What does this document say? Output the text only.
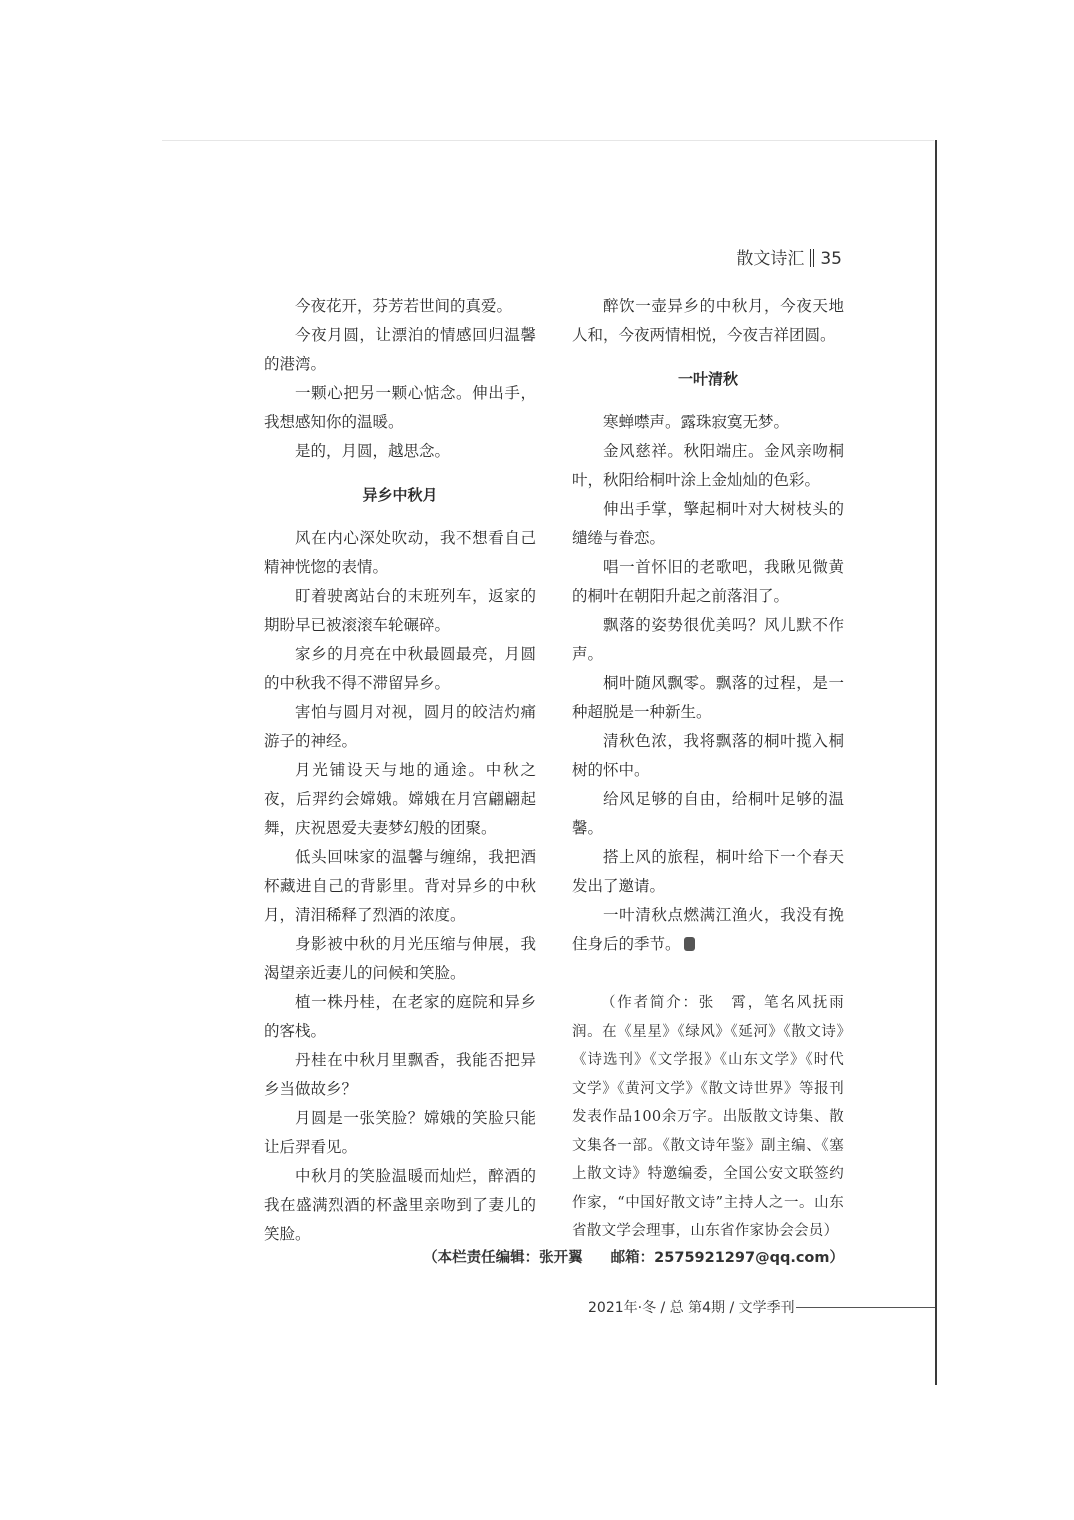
散文诗汇 35

今夜花开，芬芳若世间的真爱。

今夜月圆，让漂泊的情感回归温馨的港湾。

一颗心把另一颗心惦念。伸出手，我想感知你的温暖。

是的，月圆，越思念。

异乡中秋月

风在内心深处吹动，我不想看自己精神恍惚的表情。

盯着驶离站台的末班列车，返家的期盼早已被滚滚车轮碾碎。

家乡的月亮在中秋最圆最亮，月圆的中秋我不得不滞留异乡。

害怕与圆月对视，圆月的皎洁灼痛游子的神经。

月光铺设天与地的通途。中秋之夜，后羿约会嫦娥。嫦娥在月宫翩翩起舞，庆祝恩爱夫妻梦幻般的团聚。

低头回味家的温馨与缠绵，我把酒杯藏进自己的背影里。背对异乡的中秋月，清泪稀释了烈酒的浓度。

身影被中秋的月光压缩与伸展，我渴望亲近妻儿的问候和笑脸。

植一株丹桂，在老家的庭院和异乡的客栈。

丹桂在中秋月里飘香，我能否把异乡当做故乡？

月圆是一张笑脸？嫦娥的笑脸只能让后羿看见。

中秋月的笑脸温暖而灿烂，醉酒的我在盛满烈酒的杯盏里亲吻到了妻儿的笑脸。

醉饮一壶异乡的中秋月，今夜天地人和，今夜两情相悦，今夜吉祥团圆。

一叶清秋

寒蝉噤声。露珠寂寞无梦。

金风慈祥。秋阳端庄。金风亲吻桐叶，秋阳给桐叶涂上金灿灿的色彩。

伸出手掌，擎起桐叶对大树枝头的缱绻与眷恋。

唱一首怀旧的老歌吧，我瞅见微黄的桐叶在朝阳升起之前落泪了。

飘落的姿势很优美吗？风儿默不作声。

桐叶随风飘零。飘落的过程，是一种超脱是一种新生。

清秋色浓，我将飘落的桐叶揽入桐树的怀中。

给风足够的自由，给桐叶足够的温馨。

搭上风的旅程，桐叶给下一个春天发出了邀请。

一叶清秋点燃满江渔火，我没有挽住身后的季节。

（作者简介：张　霄，笔名风抚雨润。在《星星》《绿风》《延河》《散文诗》《诗选刊》《文学报》《山东文学》《时代文学》《黄河文学》《散文诗世界》等报刊发表作品100余万字。出版散文诗集、散文集各一部。《散文诗年鉴》副主编、《塞上散文诗》特邀编委，全国公安文联签约作家，“中国好散文诗”主持人之一。山东省散文学会理事，山东省作家协会会员）

（本栏责任编辑：张开翼 邮箱：2575921297@qq.com）
2021年·冬 / 总 第4期 / 文学季刊
